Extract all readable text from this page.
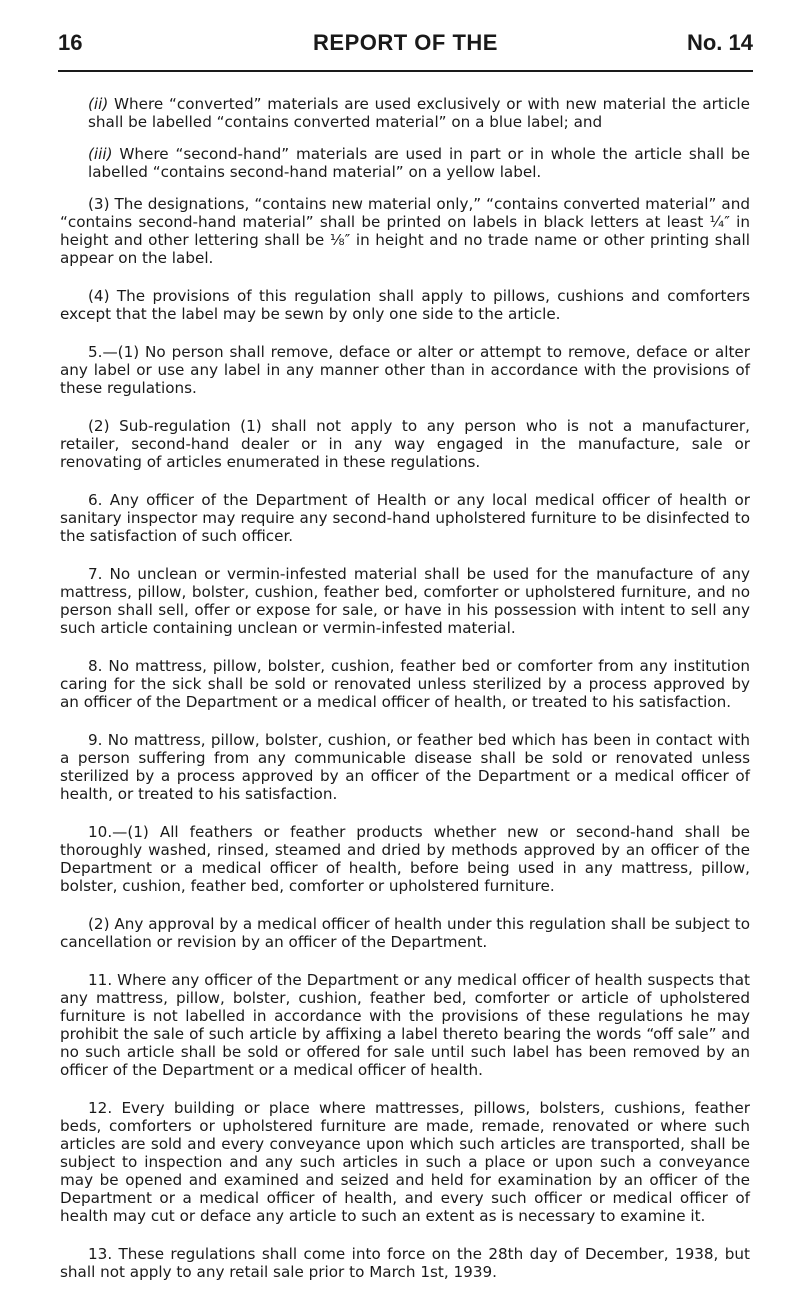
16	REPORT OF THE	No. 14

(ii) Where “converted” materials are used exclusively or with new material the article shall be labelled “contains converted material” on a blue label; and

(iii) Where “second-hand” materials are used in part or in whole the article shall be labelled “contains second-hand material” on a yellow label.

(3) The designations, “contains new material only,” “contains converted material” and “contains second-hand material” shall be printed on labels in black letters at least ¼″ in height and other lettering shall be ⅛″ in height and no trade name or other printing shall appear on the label.

(4) The provisions of this regulation shall apply to pillows, cushions and comforters except that the label may be sewn by only one side to the article.

5.—(1) No person shall remove, deface or alter or attempt to remove, deface or alter any label or use any label in any manner other than in accordance with the provisions of these regulations.

(2) Sub-regulation (1) shall not apply to any person who is not a manufacturer, retailer, second-hand dealer or in any way engaged in the manufacture, sale or renovating of articles enumerated in these regulations.

6. Any officer of the Department of Health or any local medical officer of health or sanitary inspector may require any second-hand upholstered furniture to be disinfected to the satisfaction of such officer.

7. No unclean or vermin-infested material shall be used for the manufacture of any mattress, pillow, bolster, cushion, feather bed, comforter or upholstered furniture, and no person shall sell, offer or expose for sale, or have in his possession with intent to sell any such article containing unclean or vermin-infested material.

8. No mattress, pillow, bolster, cushion, feather bed or comforter from any institution caring for the sick shall be sold or renovated unless sterilized by a process approved by an officer of the Department or a medical officer of health, or treated to his satisfaction.

9. No mattress, pillow, bolster, cushion, or feather bed which has been in contact with a person suffering from any communicable disease shall be sold or renovated unless sterilized by a process approved by an officer of the Department or a medical officer of health, or treated to his satisfaction.

10.—(1) All feathers or feather products whether new or second-hand shall be thoroughly washed, rinsed, steamed and dried by methods approved by an officer of the Department or a medical officer of health, before being used in any mattress, pillow, bolster, cushion, feather bed, comforter or upholstered furniture.

(2) Any approval by a medical officer of health under this regulation shall be subject to cancellation or revision by an officer of the Department.

11. Where any officer of the Department or any medical officer of health suspects that any mattress, pillow, bolster, cushion, feather bed, comforter or article of upholstered furniture is not labelled in accordance with the provisions of these regulations he may prohibit the sale of such article by affixing a label thereto bearing the words “off sale” and no such article shall be sold or offered for sale until such label has been removed by an officer of the Department or a medical officer of health.

12. Every building or place where mattresses, pillows, bolsters, cushions, feather beds, comforters or upholstered furniture are made, remade, renovated or where such articles are sold and every conveyance upon which such articles are transported, shall be subject to inspection and any such articles in such a place or upon such a conveyance may be opened and examined and seized and held for examination by an officer of the Department or a medical officer of health, and every such officer or medical officer of health may cut or deface any article to such an extent as is necessary to examine it.

13. These regulations shall come into force on the 28th day of December, 1938, but shall not apply to any retail sale prior to March 1st, 1939.
